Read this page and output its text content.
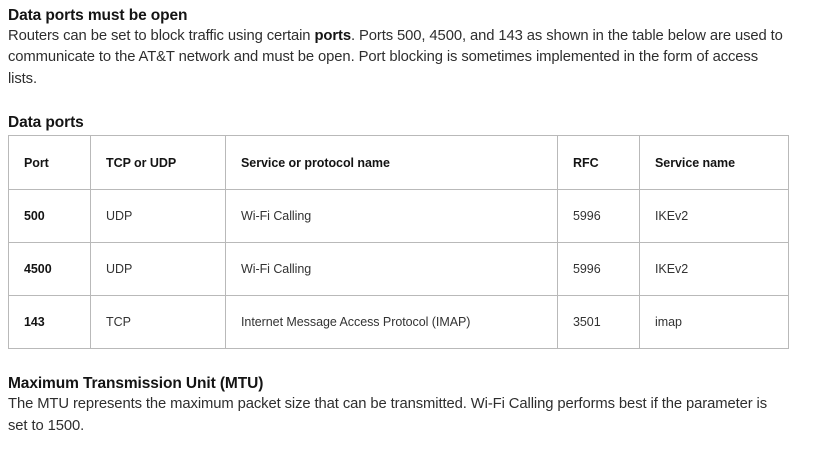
Data ports must be open

Routers can be set to block traffic using certain ports. Ports 500, 4500, and 143 as shown in the table below are used to communicate to the AT&T network and must be open. Port blocking is sometimes implemented in the form of access lists.

Data ports
Port	TCP or UDP	Service or protocol name	RFC	Service name
500	UDP	Wi-Fi Calling	5996	IKEv2
4500	UDP	Wi-Fi Calling	5996	IKEv2
143	TCP	Internet Message Access Protocol (IMAP)	3501	imap
Maximum Transmission Unit (MTU)

The MTU represents the maximum packet size that can be transmitted. Wi-Fi Calling performs best if the parameter is set to 1500.
